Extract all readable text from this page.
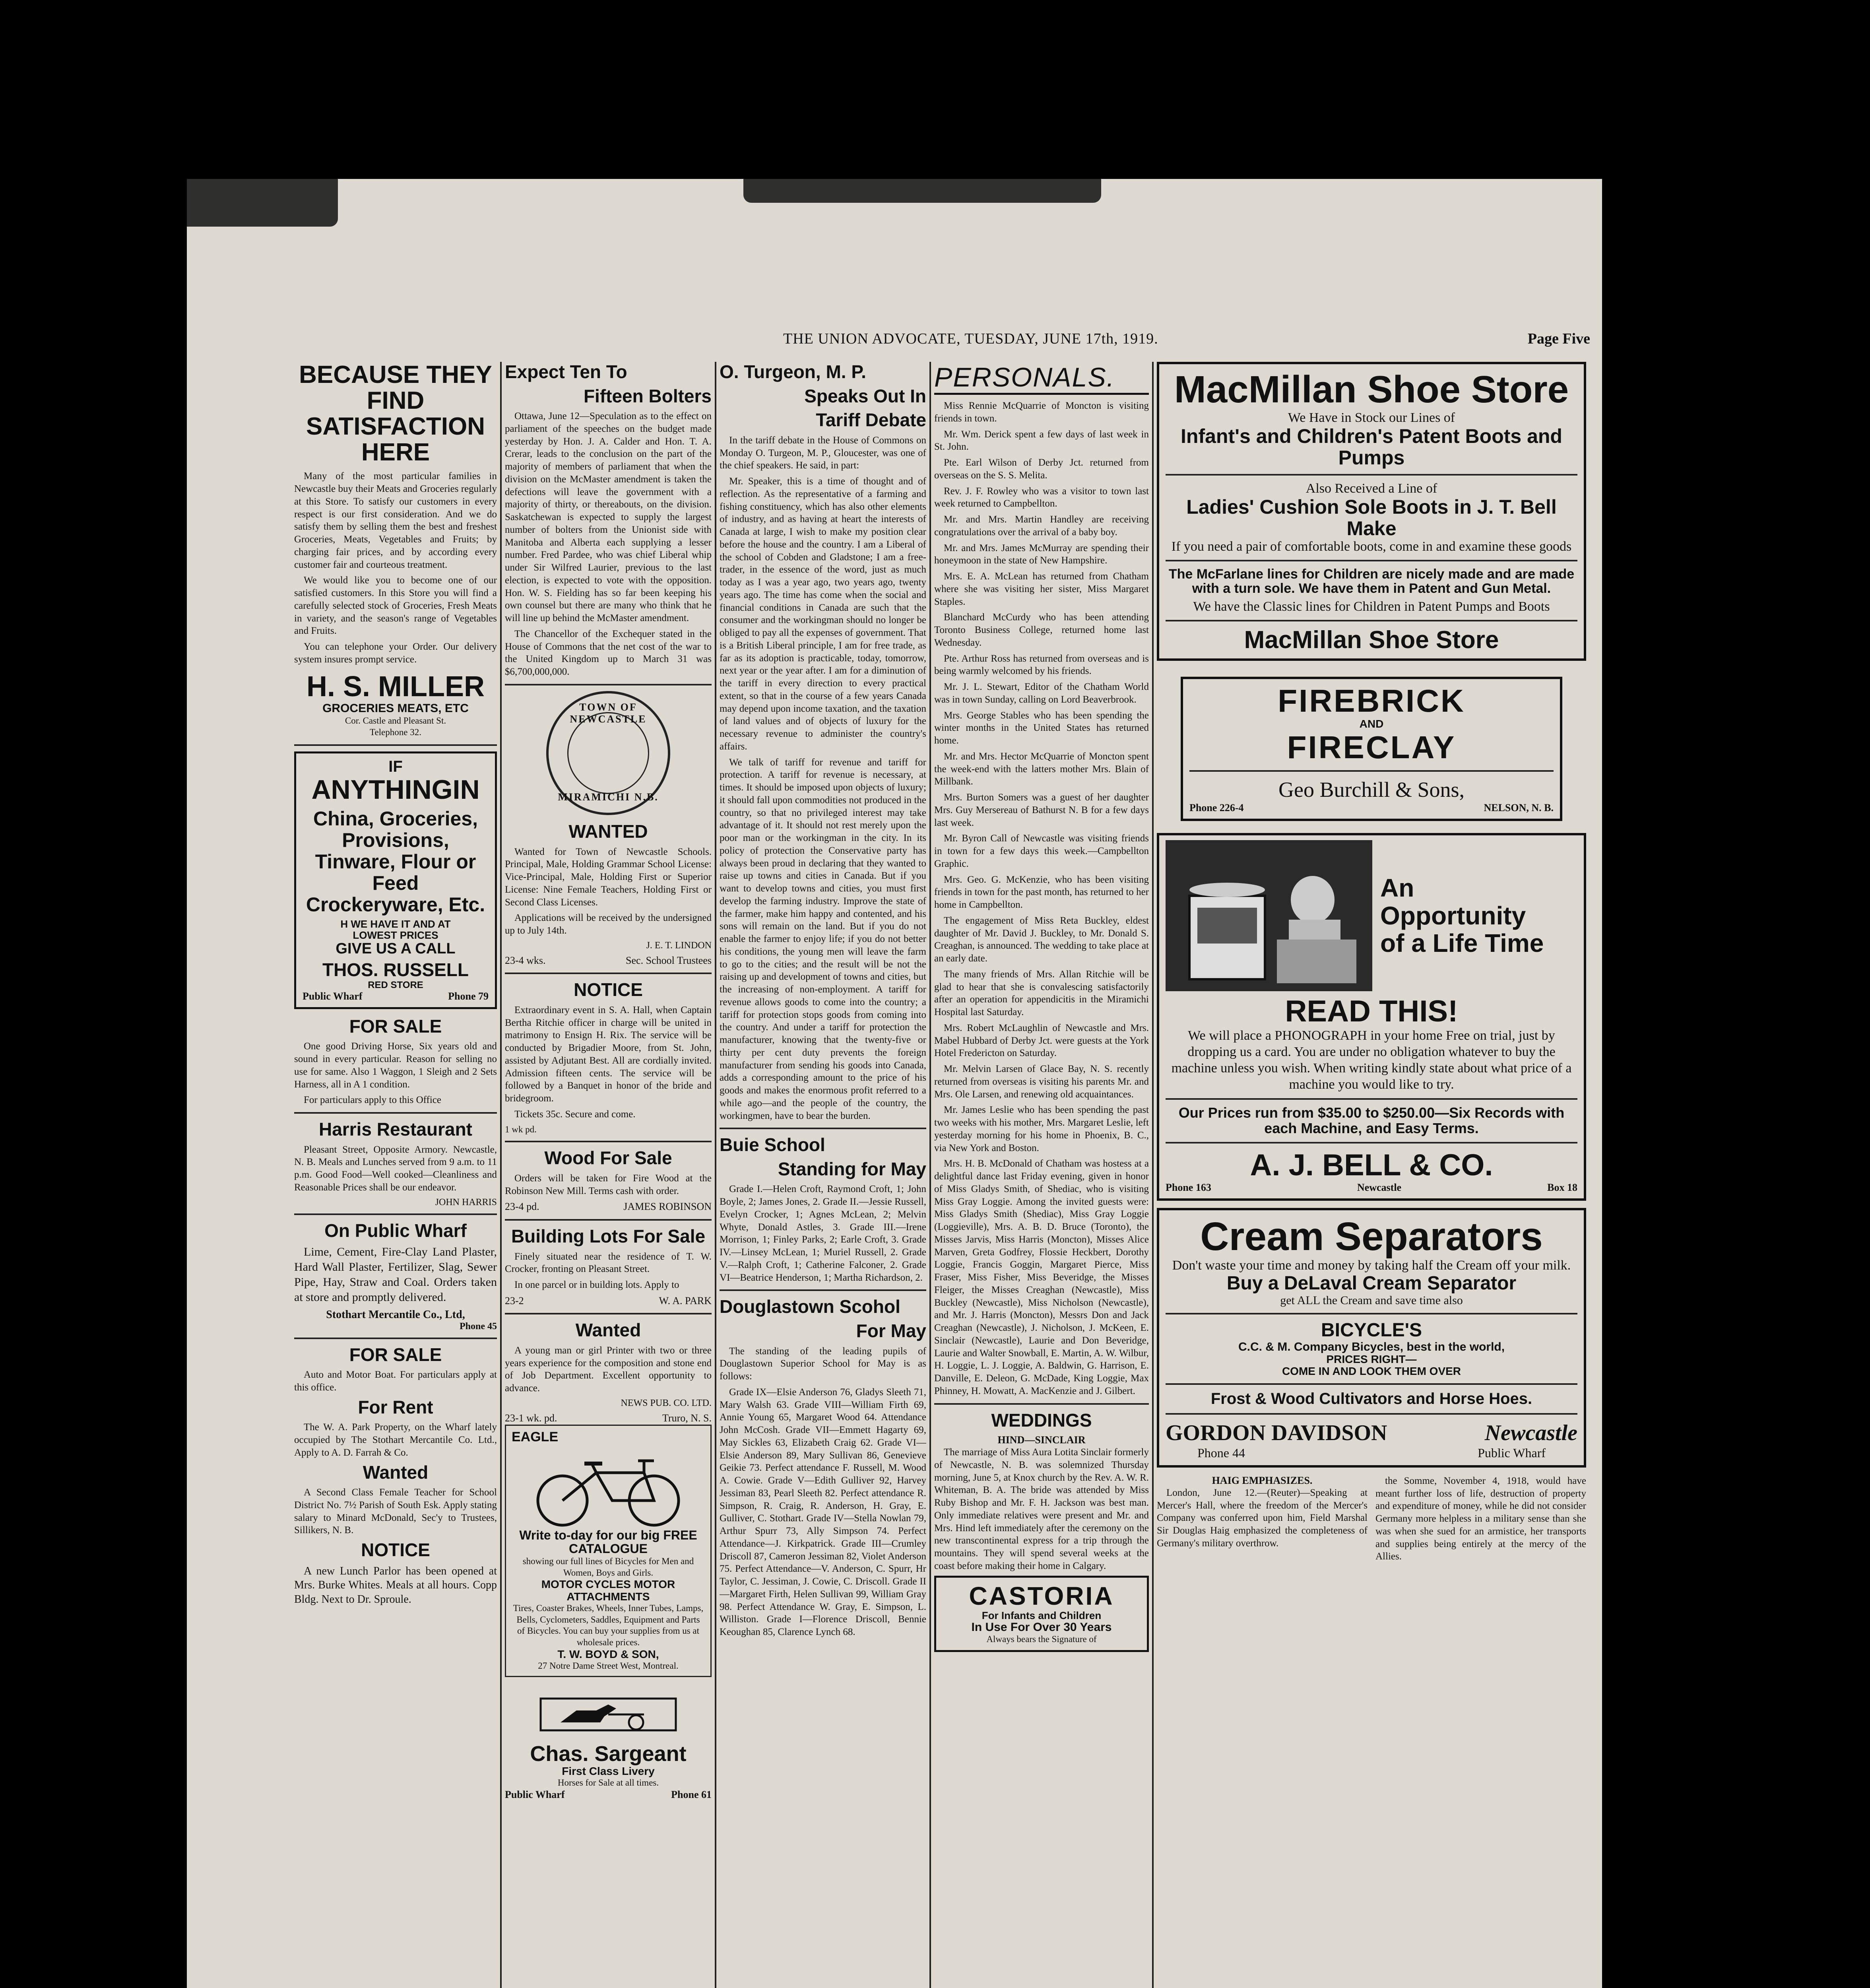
THE UNION ADVOCATE, TUESDAY, JUNE 17th, 1919.	Page Five
BECAUSE THEY FIND SATISFACTION HERE

Many of the most particular families in Newcastle buy their Meats and Groceries regularly at this Store. To satisfy our customers in every respect is our first consideration. And we do satisfy them by selling them the best and freshest Groceries, Meats, Vegetables and Fruits; by charging fair prices, and by according every customer fair and courteous treatment.

We would like you to become one of our satisfied customers. In this Store you will find a carefully selected stock of Groceries, Fresh Meats in variety, and the season's range of Vegetables and Fruits.

You can telephone your Order. Our delivery system insures prompt service.

H. S. MILLER
GROCERIES MEATS, ETC
Cor. Castle and Pleasant St.
Telephone 32.
IF
ANYTHINGIN
China, Groceries, Provisions, Tinware, Flour or Feed Crockeryware, Etc.
H WE HAVE IT AND AT
LOWEST PRICES
GIVE US A CALL
THOS. RUSSELL
RED STORE
Public Wharf	Phone 79
FOR SALE

One good Driving Horse, Six years old and sound in every particular. Reason for selling no use for same. Also 1 Waggon, 1 Sleigh and 2 Sets Harness, all in A 1 condition.

For particulars apply to this Office

Harris Restaurant

Pleasant Street, Opposite Armory. Newcastle, N. B. Meals and Lunches served from 9 a.m. to 11 p.m. Good Food—Well cooked—Cleanliness and Reasonable Prices shall be our endeavor.

JOHN HARRIS
On Public Wharf

Lime, Cement, Fire-Clay Land Plaster, Hard Wall Plaster, Fertilizer, Slag, Sewer Pipe, Hay, Straw and Coal. Orders taken at store and promptly delivered.

Stothart Mercantile Co., Ltd,
Phone 45
FOR SALE

Auto and Motor Boat. For particulars apply at this office.

For Rent

The W. A. Park Property, on the Wharf lately occupied by The Stothart Mercantile Co. Ltd., Apply to A. D. Farrah & Co.

Wanted

A Second Class Female Teacher for School District No. 7½ Parish of South Esk. Apply stating salary to Minard McDonald, Sec'y to Trustees, Sillikers, N. B.

NOTICE

A new Lunch Parlor has been opened at Mrs. Burke Whites. Meals at all hours. Copp Bldg. Next to Dr. Sproule.

Expect Ten To
Fifteen Bolters

Ottawa, June 12—Speculation as to the effect on parliament of the speeches on the budget made yesterday by Hon. J. A. Calder and Hon. T. A. Crerar, leads to the conclusion on the part of the majority of members of parliament that when the division on the McMaster amendment is taken the defections will leave the government with a majority of thirty, or thereabouts, on the division. Saskatchewan is expected to supply the largest number of bolters from the Unionist side with Manitoba and Alberta each supplying a lesser number. Fred Pardee, who was chief Liberal whip under Sir Wilfred Laurier, previous to the last election, is expected to vote with the opposition. Hon. W. S. Fielding has so far been keeping his own counsel but there are many who think that he will line up behind the McMaster amendment.

The Chancellor of the Exchequer stated in the House of Commons that the net cost of the war to the United Kingdom up to March 31 was $6,700,000,000.

TOWN OF NEWCASTLE
MIRAMICHI N.B.
WANTED

Wanted for Town of Newcastle Schools. Principal, Male, Holding Grammar School License: Vice-Principal, Male, Holding First or Superior License: Nine Female Teachers, Holding First or Second Class Licenses.

Applications will be received by the undersigned up to July 14th.

J. E. T. LINDON
23-4 wks.	Sec. School Trustees
NOTICE

Extraordinary event in S. A. Hall, when Captain Bertha Ritchie officer in charge will be united in matrimony to Ensign H. Rix. The service will be conducted by Brigadier Moore, from St. John, assisted by Adjutant Best. All are cordially invited. Admission fifteen cents. The service will be followed by a Banquet in honor of the bride and bridegroom.

Tickets 35c. Secure and come.

1 wk pd.
Wood For Sale

Orders will be taken for Fire Wood at the Robinson New Mill. Terms cash with order.

23-4 pd.	JAMES ROBINSON
Building Lots For Sale

Finely situated near the residence of T. W. Crocker, fronting on Pleasant Street.

In one parcel or in building lots. Apply to

23-2	W. A. PARK
Wanted

A young man or girl Printer with two or three years experience for the composition and stone end of Job Department. Excellent opportunity to advance.

NEWS PUB. CO. LTD.
23-1 wk. pd.	Truro, N. S.
EAGLE
Write to-day for our big FREE CATALOGUE
showing our full lines of Bicycles for Men and Women, Boys and Girls.
MOTOR CYCLES MOTOR ATTACHMENTS
Tires, Coaster Brakes, Wheels, Inner Tubes, Lamps, Bells, Cyclometers, Saddles, Equipment and Parts of Bicycles. You can buy your supplies from us at wholesale prices.
T. W. BOYD & SON,
27 Notre Dame Street West, Montreal.
Chas. Sargeant
First Class Livery
Horses for Sale at all times.
Public Wharf	Phone 61
O. Turgeon, M. P.
Speaks Out In
Tariff Debate

In the tariff debate in the House of Commons on Monday O. Turgeon, M. P., Gloucester, was one of the chief speakers. He said, in part:

Mr. Speaker, this is a time of thought and of reflection. As the representative of a farming and fishing constituency, which has also other elements of industry, and as having at heart the interests of Canada at large, I wish to make my position clear before the house and the country. I am a Liberal of the school of Cobden and Gladstone; I am a free-trader, in the essence of the word, just as much today as I was a year ago, two years ago, twenty years ago. The time has come when the social and financial conditions in Canada are such that the consumer and the workingman should no longer be obliged to pay all the expenses of government. That is a British Liberal principle, I am for free trade, as far as its adoption is practicable, today, tomorrow, next year or the year after. I am for a diminution of the tariff in every direction to every practical extent, so that in the course of a few years Canada may depend upon income taxation, and the taxation of land values and of objects of luxury for the necessary revenue to administer the country's affairs.

We talk of tariff for revenue and tariff for protection. A tariff for revenue is necessary, at times. It should be imposed upon objects of luxury; it should fall upon commodities not produced in the country, so that no privileged interest may take advantage of it. It should not rest merely upon the poor man or the workingman in the city. In its policy of protection the Conservative party has always been proud in declaring that they wanted to raise up towns and cities in Canada. But if you want to develop towns and cities, you must first develop the farming industry. Improve the state of the farmer, make him happy and contented, and his sons will remain on the land. But if you do not enable the farmer to enjoy life; if you do not better his conditions, the young men will leave the farm to go to the cities; and the result will be not the raising up and development of towns and cities, but the increasing of non-employment. A tariff for revenue allows goods to come into the country; a tariff for protection stops goods from coming into the country. And under a tariff for protection the manufacturer, knowing that the twenty-five or thirty per cent duty prevents the foreign manufacturer from sending his goods into Canada, adds a corresponding amount to the price of his goods and makes the enormous profit referred to a while ago—and the people of the country, the workingmen, have to bear the burden.

Buie School
Standing for May

Grade I.—Helen Croft, Raymond Croft, 1; John Boyle, 2; James Jones, 2. Grade II.—Jessie Russell, Evelyn Crocker, 1; Agnes McLean, 2; Melvin Whyte, Donald Astles, 3. Grade III.—Irene Morrison, 1; Finley Parks, 2; Earle Croft, 3. Grade IV.—Linsey McLean, 1; Muriel Russell, 2. Grade V.—Ralph Croft, 1; Catherine Falconer, 2. Grade VI—Beatrice Henderson, 1; Martha Richardson, 2.

Douglastown Scohol
For May

The standing of the leading pupils of Douglastown Superior School for May is as follows:

Grade IX—Elsie Anderson 76, Gladys Sleeth 71, Mary Walsh 63. Grade VIII—William Firth 69, Annie Young 65, Margaret Wood 64. Attendance John McCosh. Grade VII—Emmett Hagarty 69, May Sickles 63, Elizabeth Craig 62. Grade VI—Elsie Anderson 89, Mary Sullivan 86, Genevieve Geikie 73. Perfect attendance F. Russell, M. Wood A. Cowie. Grade V—Edith Gulliver 92, Harvey Jessiman 83, Pearl Sleeth 82. Perfect attendance R. Simpson, R. Craig, R. Anderson, H. Gray, E. Gulliver, C. Stothart. Grade IV—Stella Nowlan 79, Arthur Spurr 73, Ally Simpson 74. Perfect Attendance—J. Kirkpatrick. Grade III—Crumley Driscoll 87, Cameron Jessiman 82, Violet Anderson 75. Perfect Attendance—V. Anderson, C. Spurr, Hr Taylor, C. Jessiman, J. Cowie, C. Driscoll. Grade II—Margaret Firth, Helen Sullivan 99, William Gray 98. Perfect Attendance W. Gray, E. Simpson, L. Williston. Grade I—Florence Driscoll, Bennie Keoughan 85, Clarence Lynch 68.

PERSONALS.

Miss Rennie McQuarrie of Moncton is visiting friends in town.

Mr. Wm. Derick spent a few days of last week in St. John.

Pte. Earl Wilson of Derby Jct. returned from overseas on the S. S. Melita.

Rev. J. F. Rowley who was a visitor to town last week returned to Campbellton.

Mr. and Mrs. Martin Handley are receiving congratulations over the arrival of a baby boy.

Mr. and Mrs. James McMurray are spending their honeymoon in the state of New Hampshire.

Mrs. E. A. McLean has returned from Chatham where she was visiting her sister, Miss Margaret Staples.

Blanchard McCurdy who has been attending Toronto Business College, returned home last Wednesday.

Pte. Arthur Ross has returned from overseas and is being warmly welcomed by his friends.

Mr. J. L. Stewart, Editor of the Chatham World was in town Sunday, calling on Lord Beaverbrook.

Mrs. George Stables who has been spending the winter months in the United States has returned home.

Mr. and Mrs. Hector McQuarrie of Moncton spent the week-end with the latters mother Mrs. Blain of Millbank.

Mrs. Burton Somers was a guest of her daughter Mrs. Guy Mersereau of Bathurst N. B for a few days last week.

Mr. Byron Call of Newcastle was visiting friends in town for a few days this week.—Campbellton Graphic.

Mrs. Geo. G. McKenzie, who has been visiting friends in town for the past month, has returned to her home in Campbellton.

The engagement of Miss Reta Buckley, eldest daughter of Mr. David J. Buckley, to Mr. Donald S. Creaghan, is announced. The wedding to take place at an early date.

The many friends of Mrs. Allan Ritchie will be glad to hear that she is convalescing satisfactorily after an operation for appendicitis in the Miramichi Hospital last Saturday.

Mrs. Robert McLaughlin of Newcastle and Mrs. Mabel Hubbard of Derby Jct. were guests at the York Hotel Fredericton on Saturday.

Mr. Melvin Larsen of Glace Bay, N. S. recently returned from overseas is visiting his parents Mr. and Mrs. Ole Larsen, and renewing old acquaintances.

Mr. James Leslie who has been spending the past two weeks with his mother, Mrs. Margaret Leslie, left yesterday morning for his home in Phoenix, B. C., via New York and Boston.

Mrs. H. B. McDonald of Chatham was hostess at a delightful dance last Friday evening, given in honor of Miss Gladys Smith, of Shediac, who is visiting Miss Gray Loggie. Among the invited guests were: Miss Gladys Smith (Shediac), Miss Gray Loggie (Loggieville), Mrs. A. B. D. Bruce (Toronto), the Misses Jarvis, Miss Harris (Moncton), Misses Alice Marven, Greta Godfrey, Flossie Heckbert, Dorothy Loggie, Francis Goggin, Margaret Pierce, Miss Fraser, Miss Fisher, Miss Beveridge, the Misses Fleiger, the Misses Creaghan (Newcastle), Miss Buckley (Newcastle), Miss Nicholson (Newcastle), and Mr. J. Harris (Moncton), Messrs Don and Jack Creaghan (Newcastle), J. Nicholson, J. McKeen, E. Sinclair (Newcastle), Laurie and Don Beveridge, Laurie and Walter Snowball, E. Martin, A. W. Wilbur, H. Loggie, L. J. Loggie, A. Baldwin, G. Harrison, E. Danville, E. Deleon, G. McDade, King Loggie, Max Phinney, H. Mowatt, A. MacKenzie and J. Gilbert.

WEDDINGS
HIND—SINCLAIR

The marriage of Miss Aura Lotita Sinclair formerly of Newcastle, N. B. was solemnized Thursday morning, June 5, at Knox church by the Rev. A. W. R. Whiteman, B. A. The bride was attended by Miss Ruby Bishop and Mr. F. H. Jackson was best man. Only immediate relatives were present and Mr. and Mrs. Hind left immediately after the ceremony on the new transcontinental express for a trip through the mountains. They will spend several weeks at the coast before making their home in Calgary.

CASTORIA
For Infants and Children
In Use For Over 30 Years
Always bears the Signature of
MacMillan Shoe Store
We Have in Stock our Lines of
Infant's and Children's Patent Boots and Pumps
Also Received a Line of
Ladies' Cushion Sole Boots in J. T. Bell Make
If you need a pair of comfortable boots, come in and examine these goods
The McFarlane lines for Children are nicely made and are made with a turn sole. We have them in Patent and Gun Metal.
We have the Classic lines for Children in Patent Pumps and Boots
MacMillan Shoe Store
FIREBRICK
AND
FIRECLAY
Geo Burchill & Sons,
Phone 226-4	NELSON, N. B.
An
Opportunity
of a Life Time
READ THIS!
We will place a PHONOGRAPH in your home Free on trial, just by dropping us a card. You are under no obligation whatever to buy the machine unless you wish. When writing kindly state about what price of a machine you would like to try.
Our Prices run from $35.00 to $250.00—Six Records with each Machine, and Easy Terms.
A. J. BELL & CO.
Phone 163	Newcastle	Box 18
Cream Separators
Don't waste your time and money by taking half the Cream off your milk.
Buy a DeLaval Cream Separator
get ALL the Cream and save time also
BICYCLE'S
C.C. & M. Company Bicycles, best in the world,
PRICES RIGHT—
COME IN AND LOOK THEM OVER
Frost & Wood Cultivators and Horse Hoes.
GORDON DAVIDSON	Newcastle
Phone 44	Public Wharf
HAIG EMPHASIZES.

London, June 12.—(Reuter)—Speaking at Mercer's Hall, where the freedom of the Mercer's Company was conferred upon him, Field Marshal Sir Douglas Haig emphasized the completeness of Germany's military overthrow.

the Somme, November 4, 1918, would have meant further loss of life, destruction of property and expenditure of money, while he did not consider Germany more helpless in a military sense than she was when she sued for an armistice, her transports and supplies being entirely at the mercy of the Allies.
